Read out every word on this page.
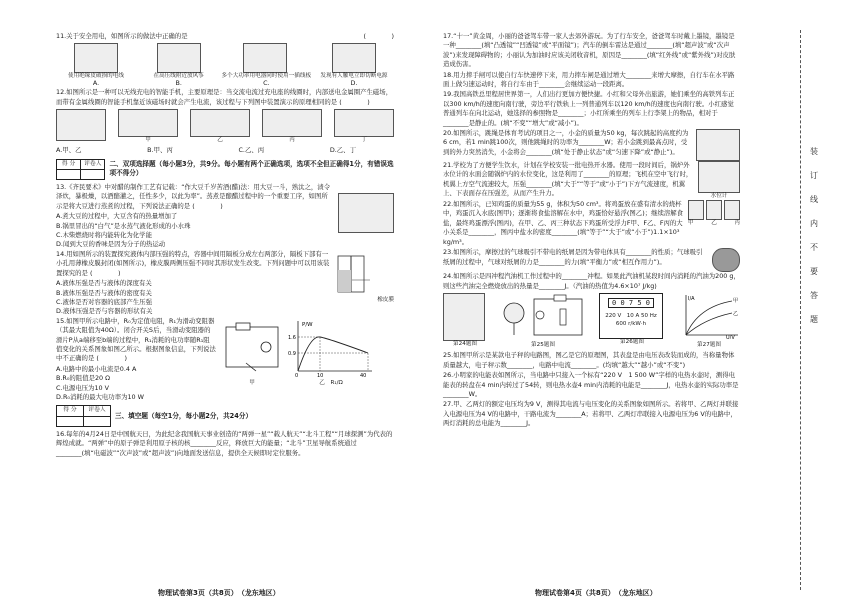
11.关于安全用电，如图所示的做法中正确的是	(　　　　)
使用绝缘皮破损的电线
A.
在高压线附近放风筝
B.
多个大功率用电器同时使用一插线板
C.
发现有人触电立即切断电源
D.
12.如图所示是一种可以无线充电的智能手机，主要原理是：当交流电流过充电座的线圈时，内部送电金属圈产生磁场，而带有金属线圈的智能手机靠近该磁场时就会产生电流，该过程与下列图中装置演示的原理相同的是 (　　　　)
甲	乙	丙	丁
A.甲、乙	B.甲、丙	C.乙、丙	D.乙、丁
得 分	评卷人
	二、双项选择题（每小题3分，共9分。每小题有两个正确选项，选项不全但正确得1分，有错误选项不得分）
13.《齐民要术》中对醋的制作工艺有记载：“作大豆千岁苦酒(醋)法：用大豆一斗，熟汰之，渍令泽炊，暴极燥，以酒醅灌之，任性多少，以此为率”。蒸煮是酿醋过程中的一个重要工序，如图所示是将大豆进行蒸煮的过程，下列说法正确的是 (　　　　)
A.煮大豆的过程中，大豆含有的热量增加了
B.锅里冒出的“白气”是水蒸气液化形成的小水珠
C.木柴燃烧时将内能转化为化学能
D.闻到大豆的香味是因为分子的热运动
14.用如图所示的装置探究液体内部压强的特点，容器中间用隔板分成左右两部分，隔板下部有一小孔用薄橡皮膜封闭(如图所示)，橡皮膜两侧压强不同时其形状发生改变。下列问题中可以用该装置探究的是 (　　　　)
A.液体压强是否与液体的深度有关
B.液体压强是否与液体的密度有关
C.液体是否对容器的底部产生压强
D.液体压强是否与容器的形状有关
橡皮膜
15.如图甲所示电路中，R₀为定值电阻，R₁为滑动变阻器（其最大阻值为40Ω）。闭合开关S后，当滑动变阻器的滑片P从a端移至b端的过程中，R₁消耗的电功率随R₁阻值变化的关系图象如图乙所示。根据图象信息，下列说法中不正确的是 (　　　　)
A.电路中的最小电流是0.4 A
B.R₀的阻值是20 Ω
C.电源电压为10 V
D.R₀消耗的最大电功率为10 W
甲
P/W
1.6
0.9
0	10	40
乙　 R₁/Ω
得 分	评卷人

三、填空题（每空1分，每小题2分，共24分）
16.每年的4月24日是中国航天日，为此纪念我国航天事业创造的“两弹一星”“载人航天”“北斗工程”“月球探测”为代表的辉煌成就。“两弹”中的原子弹是利用原子核的核________反应，释放巨大的能量；“北斗”卫星导航系统通过________(填“电磁波”“次声波”或“超声波”)向地面发送信息，提供全天候即时定位服务。
物理试卷第3页（共8页）　（龙东地区）
17.“十一”黄金周，小丽的爸爸驾车带一家人去郊外游玩。为了行车安全，爸爸驾车时戴上墨镜，墨镜是一种________(填“凸透镜”“凹透镜”或“平面镜”)；汽车的倒车雷达是通过________(填“超声波”或“次声波”)来发现障碍物的；小丽认为加油时应该关闭收音机，原因是________(填“红外线”或“紫外线”)对皮肤造成伤害。
18.用力摔手闸可以使自行车快速停下来，用力摔车闸是通过增大________来增大摩擦，自行车在水平路面上做匀速运动时，将自行车由于________会继续运动一段距离。
19.我国高铁总里程居世界第一，人们出行更加方便快捷。小红和父母外出旅游，她们乘坐的高铁列车正以300 km/h的速度向南行驶，旁边平行铁轨上一列普通列车以120 km/h的速度也向南行驶。小红感觉普通列车在向北运动，她选择的参照物是________；小红所乘坐的列车上行李架上的物品，相对于________是静止的。(填“不变”“增大”或“减小”)。
20.如图所示，跳绳是体育考试的项目之一，小金的质量为50 kg，每次跳起的高度约为6 cm，若1 min跳100次，则他跳绳时的功率为________W；若小金跳到最高点时，受到的外力突然消失，小金将会________(填“处于静止状态”或“匀速下降”或“静止”)。
21.学校为了方便学生饮水，计划在学校安装一批电热开水器。使用一段时间后，锅炉外水位计的水面会随锅炉内的水位变化，这是利用了________的原理；飞机在空中飞行时，机翼上方空气流速较大，压强________(填“大于”“等于”或“小于”)下方气流速度，机翼上、下表面存在压强差，从而产生升力。	水位计
22.如图所示，已知鸡蛋的质量为55 g，体积为50 cm³。将鸡蛋放在盛有清水的烧杯中，鸡蛋沉入水底(图甲)；逐渐将食盐溶解在水中，鸡蛋恰好悬浮(图乙)；继续溶解食盐，最终鸡蛋漂浮(图丙)，在甲、乙、丙三种状态下鸡蛋所受浮力F甲、F乙、F丙的大小关系是________，图丙中盐水的密度________(填“等于”“大于”或“小于”)1.1×10³ kg/m³。
甲	乙	丙
23.如图所示，摩擦过的气球吸引不带电的纸屑是因为带电体具有________的性质；气球吸引纸屑的过程中，气球对纸屑的力是________的力(填“平衡力”或“相互作用力”)。
24.如图所示是四冲程汽油机工作过程中的________冲程。如果此汽油机某段时间内消耗的汽油为200 g，则这些汽油完全燃烧放出的热量是________J。（汽油的热值为4.6×10⁷ J/kg)
第24题图	第25题图
0 0 7 5 0
220 V　10 A 50 Hz
600 r/kW·h
第26题图
I/A
U/V
甲
乙
第27题图
25.如图甲所示是某款电子秤的电路图，图乙是它的原理图，其表盘是由电压表改装而成的，当称量物体质量越大，电子秤示数________，电路中电流________。(均填“越大”“越小”或“不变”)
26.小明家的电能表如图所示，当电路中只接入一个标有“220 V　1 500 W”字样的电热水壶时，测得电能表的转盘在4 min内转过了54转，则电热水壶4 min内消耗的电能是________J，电热水壶的实际功率是________W。
27.甲、乙两灯的额定电压均为9 V，测得其电流与电压变化的关系图象如图所示。若将甲、乙两灯并联接入电源电压为4 V的电路中，干路电流为________A；若将甲、乙两灯串联接入电源电压为6 V的电路中，两灯消耗的总电能为________J。
物理试卷第4页（共8页）　（龙东地区）
装
订
线
内
不
要
答
题
